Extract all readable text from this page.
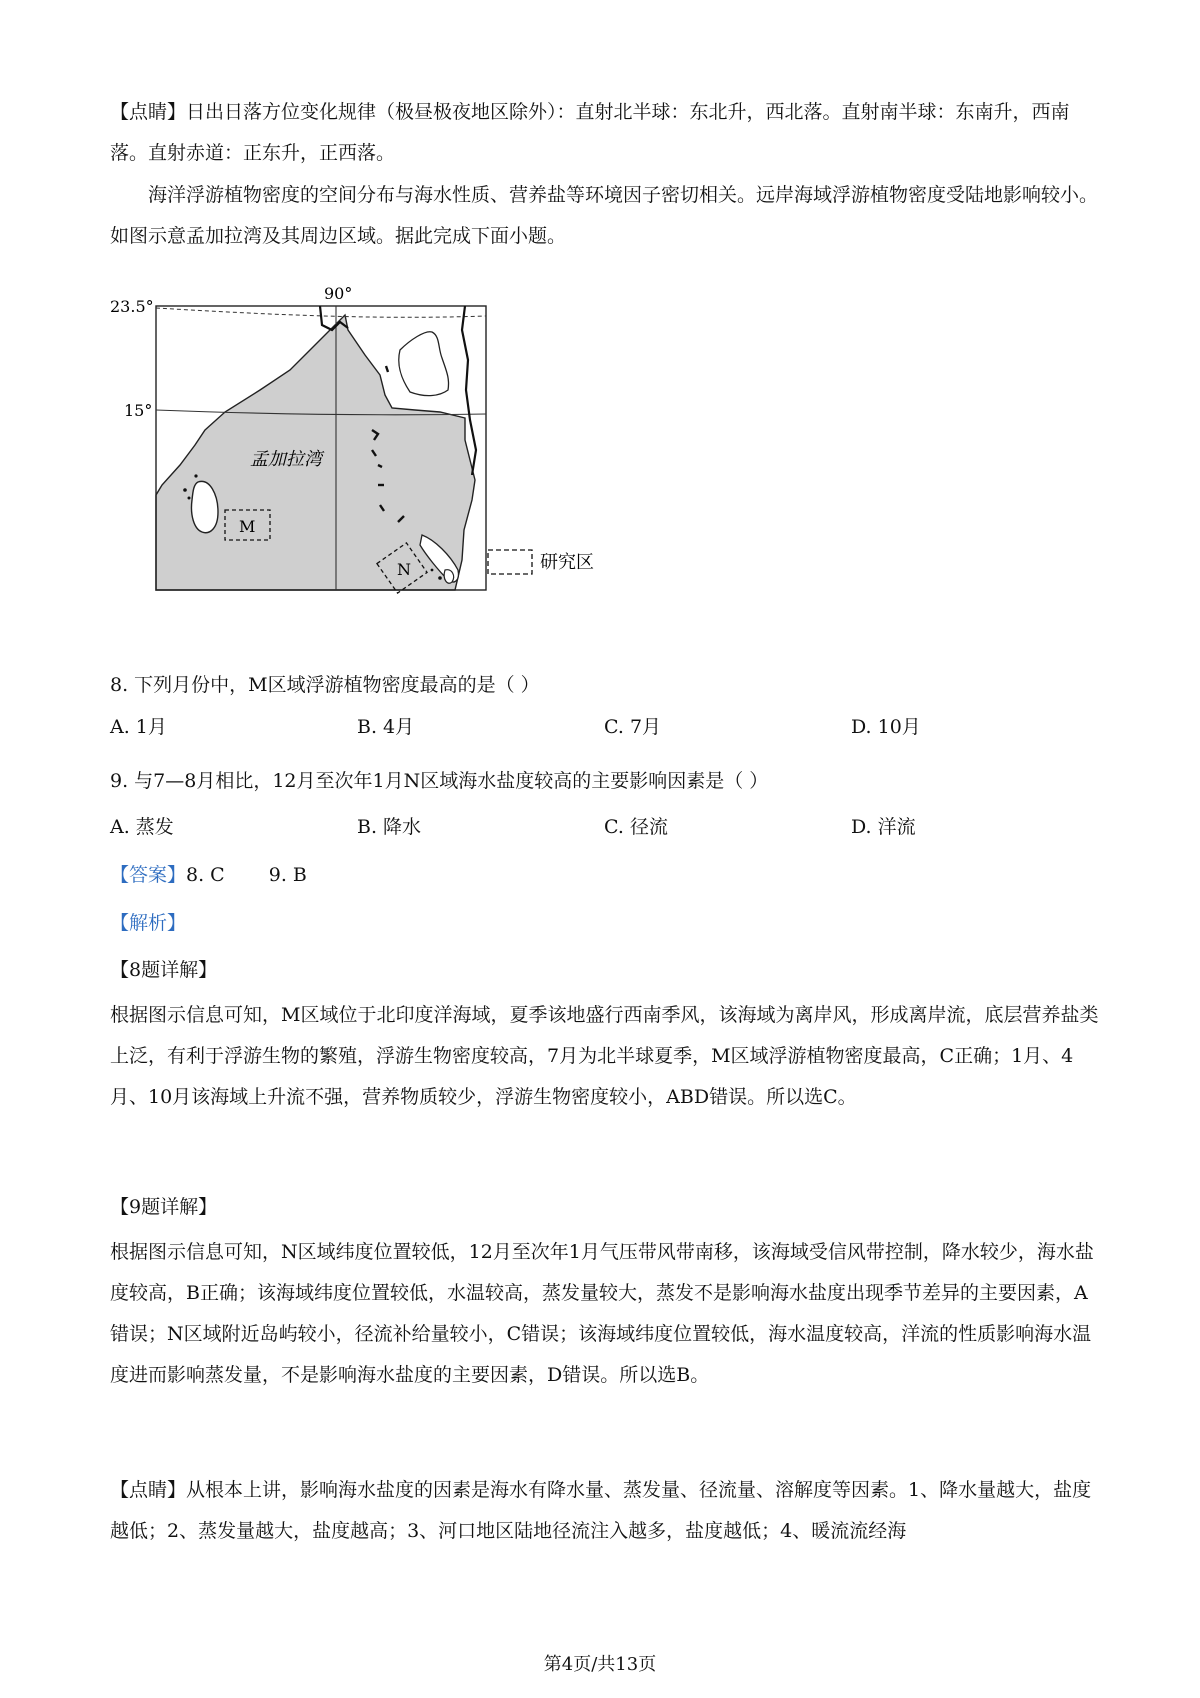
【点睛】日出日落方位变化规律（极昼极夜地区除外）：直射北半球：东北升，西北落。直射南半球：东南升，西南落。直射赤道：正东升，正西落。

海洋浮游植物密度的空间分布与海水性质、营养盐等环境因子密切相关。远岸海域浮游植物密度受陆地影响较小。如图示意孟加拉湾及其周边区域。据此完成下面小题。

23.5°
15°
90°
孟加拉湾
M
N	研究区
8. 下列月份中，M区域浮游植物密度最高的是（ ）
A. 1月	B. 4月	C. 7月	D. 10月
9. 与7—8月相比，12月至次年1月N区域海水盐度较高的主要影响因素是（ ）
A. 蒸发	B. 降水	C. 径流	D. 洋流
【答案】8. C 9. B
【解析】
【8题详解】

根据图示信息可知，M区域位于北印度洋海域，夏季该地盛行西南季风，该海域为离岸风，形成离岸流，底层营养盐类上泛，有利于浮游生物的繁殖，浮游生物密度较高，7月为北半球夏季，M区域浮游植物密度最高，C正确；1月、4月、10月该海域上升流不强，营养物质较少，浮游生物密度较小，ABD错误。所以选C。

【9题详解】

根据图示信息可知，N区域纬度位置较低，12月至次年1月气压带风带南移，该海域受信风带控制，降水较少，海水盐度较高，B正确；该海域纬度位置较低，水温较高，蒸发量较大，蒸发不是影响海水盐度出现季节差异的主要因素，A错误；N区域附近岛屿较小，径流补给量较小，C错误；该海域纬度位置较低，海水温度较高，洋流的性质影响海水温度进而影响蒸发量，不是影响海水盐度的主要因素，D错误。所以选B。

【点睛】从根本上讲，影响海水盐度的因素是海水有降水量、蒸发量、径流量、溶解度等因素。1、降水量越大，盐度越低；2、蒸发量越大，盐度越高；3、河口地区陆地径流注入越多，盐度越低；4、暖流流经海

第4页/共13页
